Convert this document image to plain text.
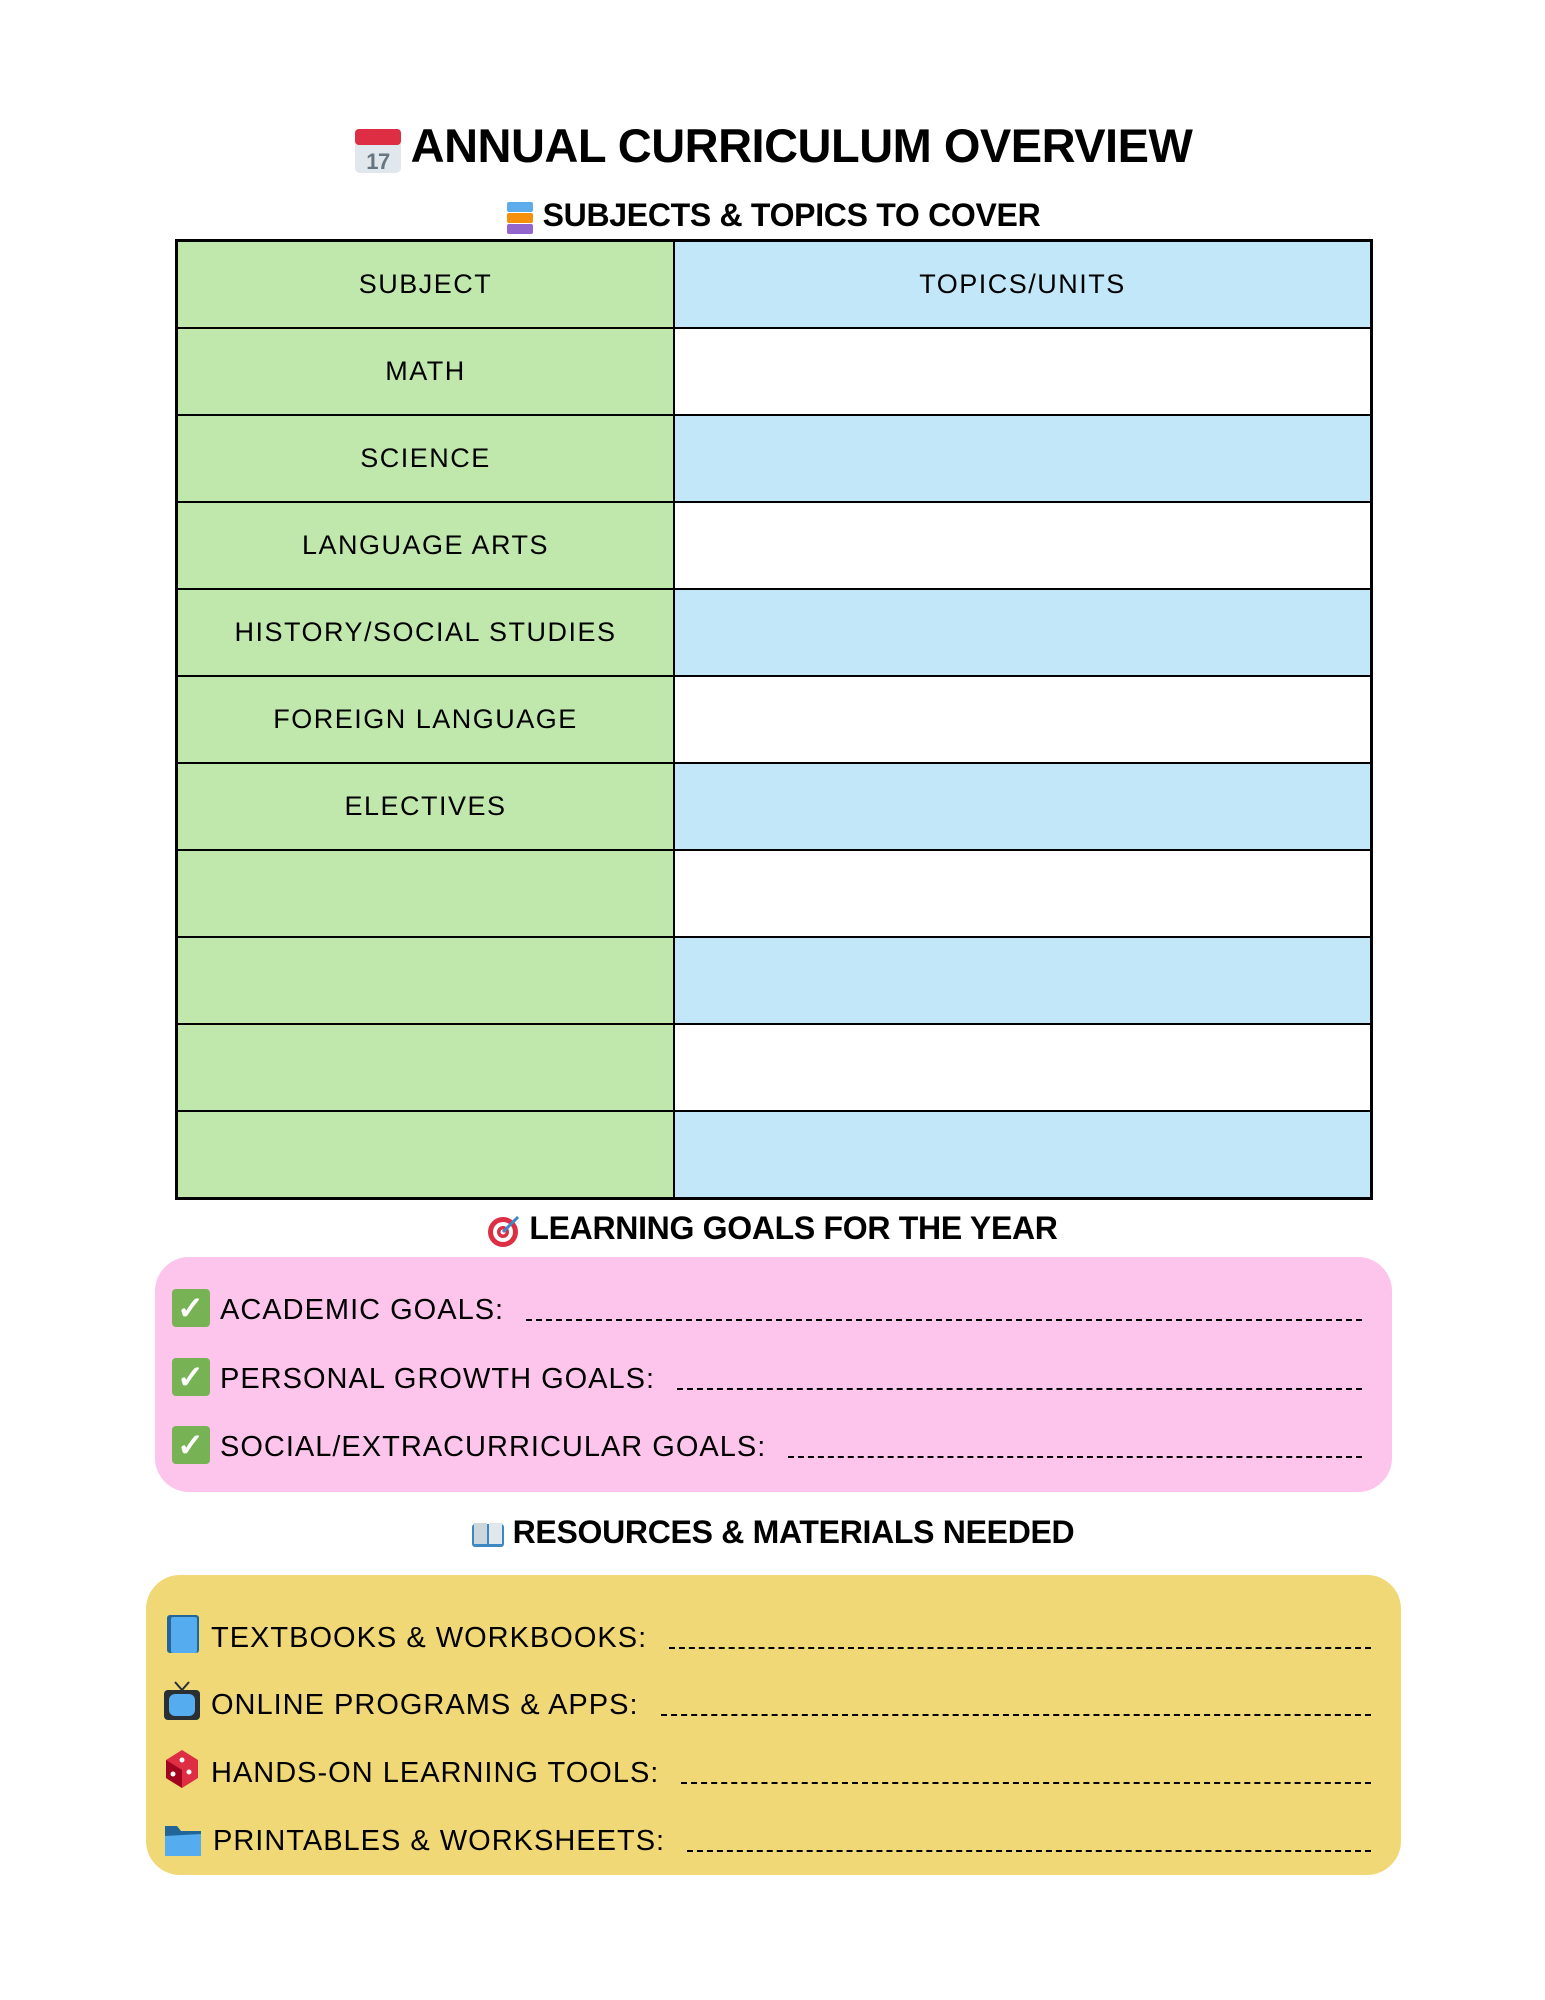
17 ANNUAL CURRICULUM OVERVIEW
SUBJECTS & TOPICS TO COVER
SUBJECT	TOPICS/UNITS
MATH	
SCIENCE	
LANGUAGE ARTS	
HISTORY/SOCIAL STUDIES	
FOREIGN LANGUAGE	
ELECTIVES	

LEARNING GOALS FOR THE YEAR
✓ ACADEMIC GOALS:
✓ PERSONAL GROWTH GOALS:
✓ SOCIAL/EXTRACURRICULAR GOALS:
RESOURCES & MATERIALS NEEDED
TEXTBOOKS & WORKBOOKS:
ONLINE PROGRAMS & APPS:
HANDS-ON LEARNING TOOLS:
PRINTABLES & WORKSHEETS:
